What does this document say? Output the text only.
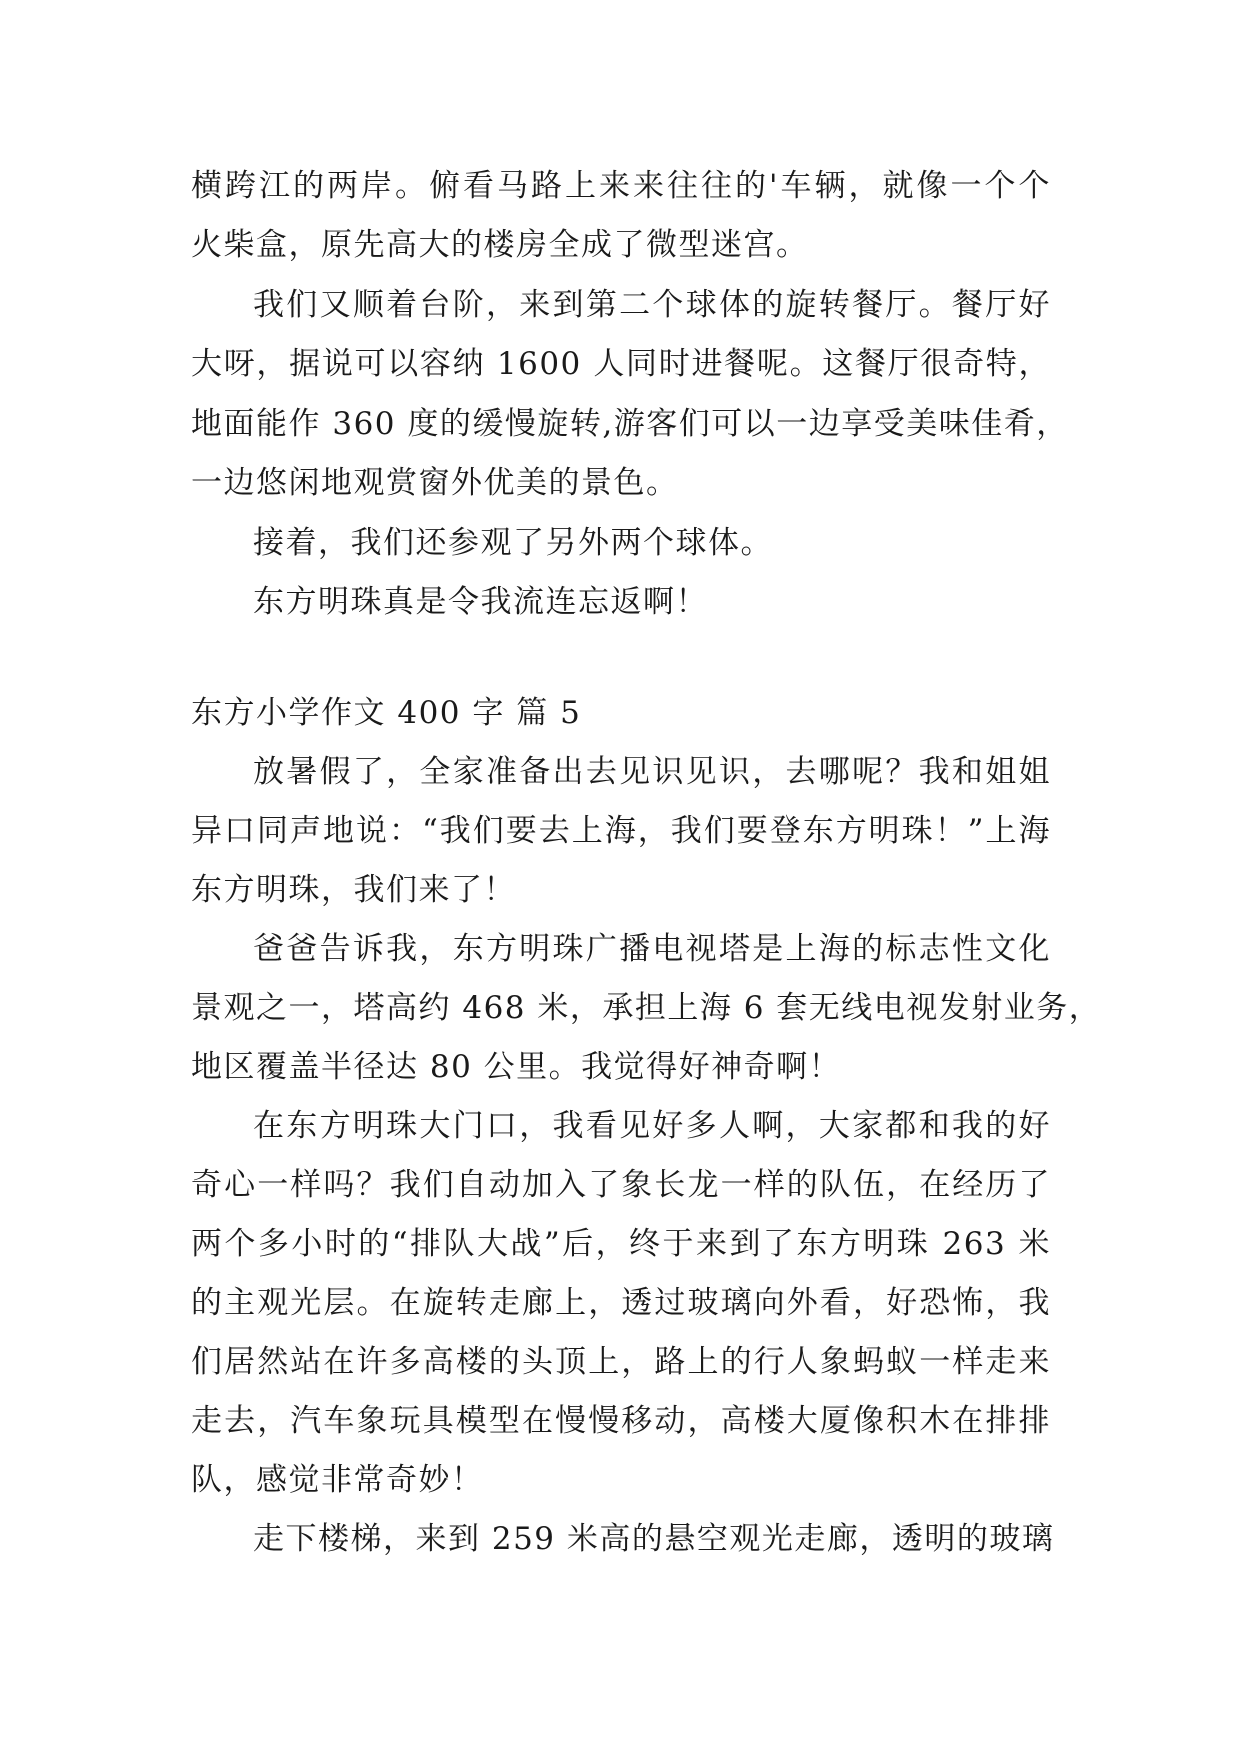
横跨江的两岸。俯看马路上来来往往的'车辆，就像一个个
火柴盒，原先高大的楼房全成了微型迷宫。
我们又顺着台阶，来到第二个球体的旋转餐厅。餐厅好
大呀，据说可以容纳 1600 人同时进餐呢。这餐厅很奇特，
地面能作 360 度的缓慢旋转,游客们可以一边享受美味佳肴，
一边悠闲地观赏窗外优美的景色。
接着，我们还参观了另外两个球体。
东方明珠真是令我流连忘返啊！
东方小学作文 400 字 篇 5
放暑假了，全家准备出去见识见识，去哪呢？我和姐姐
异口同声地说：“我们要去上海，我们要登东方明珠！”上海
东方明珠，我们来了！
爸爸告诉我，东方明珠广播电视塔是上海的标志性文化
景观之一，塔高约 468 米，承担上海 6 套无线电视发射业务，
地区覆盖半径达 80 公里。我觉得好神奇啊！
在东方明珠大门口，我看见好多人啊，大家都和我的好
奇心一样吗？我们自动加入了象长龙一样的队伍，在经历了
两个多小时的“排队大战”后，终于来到了东方明珠 263 米
的主观光层。在旋转走廊上，透过玻璃向外看，好恐怖，我
们居然站在许多高楼的头顶上，路上的行人象蚂蚁一样走来
走去，汽车象玩具模型在慢慢移动，高楼大厦像积木在排排
队，感觉非常奇妙！
走下楼梯，来到 259 米高的悬空观光走廊，透明的玻璃
